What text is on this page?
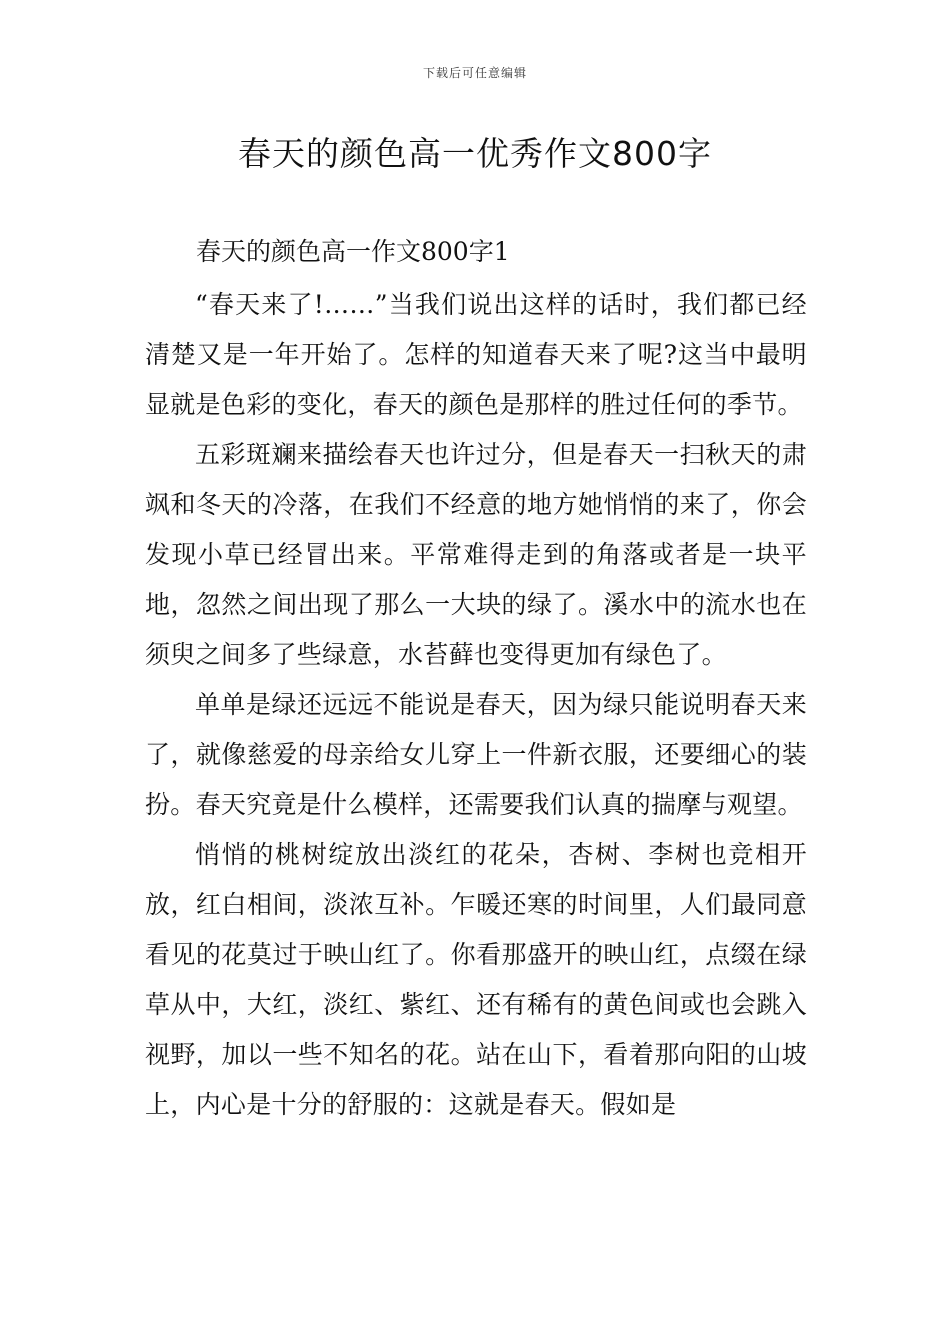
下载后可任意编辑
春天的颜色高一优秀作文800字
春天的颜色高一作文800字1

“春天来了!……”当我们说出这样的话时，我们都已经清楚又是一年开始了。怎样的知道春天来了呢?这当中最明显就是色彩的变化，春天的颜色是那样的胜过任何的季节。

五彩斑斓来描绘春天也许过分，但是春天一扫秋天的肃飒和冬天的冷落，在我们不经意的地方她悄悄的来了，你会发现小草已经冒出来。平常难得走到的角落或者是一块平地，忽然之间出现了那么一大块的绿了。溪水中的流水也在须臾之间多了些绿意，水苔藓也变得更加有绿色了。

单单是绿还远远不能说是春天，因为绿只能说明春天来了，就像慈爱的母亲给女儿穿上一件新衣服，还要细心的装扮。春天究竟是什么模样，还需要我们认真的揣摩与观望。

悄悄的桃树绽放出淡红的花朵，杏树、李树也竞相开放，红白相间，淡浓互补。乍暖还寒的时间里，人们最同意看见的花莫过于映山红了。你看那盛开的映山红，点缀在绿草从中，大红，淡红、紫红、还有稀有的黄色间或也会跳入视野，加以一些不知名的花。站在山下，看着那向阳的山坡上，内心是十分的舒服的：这就是春天。假如是
